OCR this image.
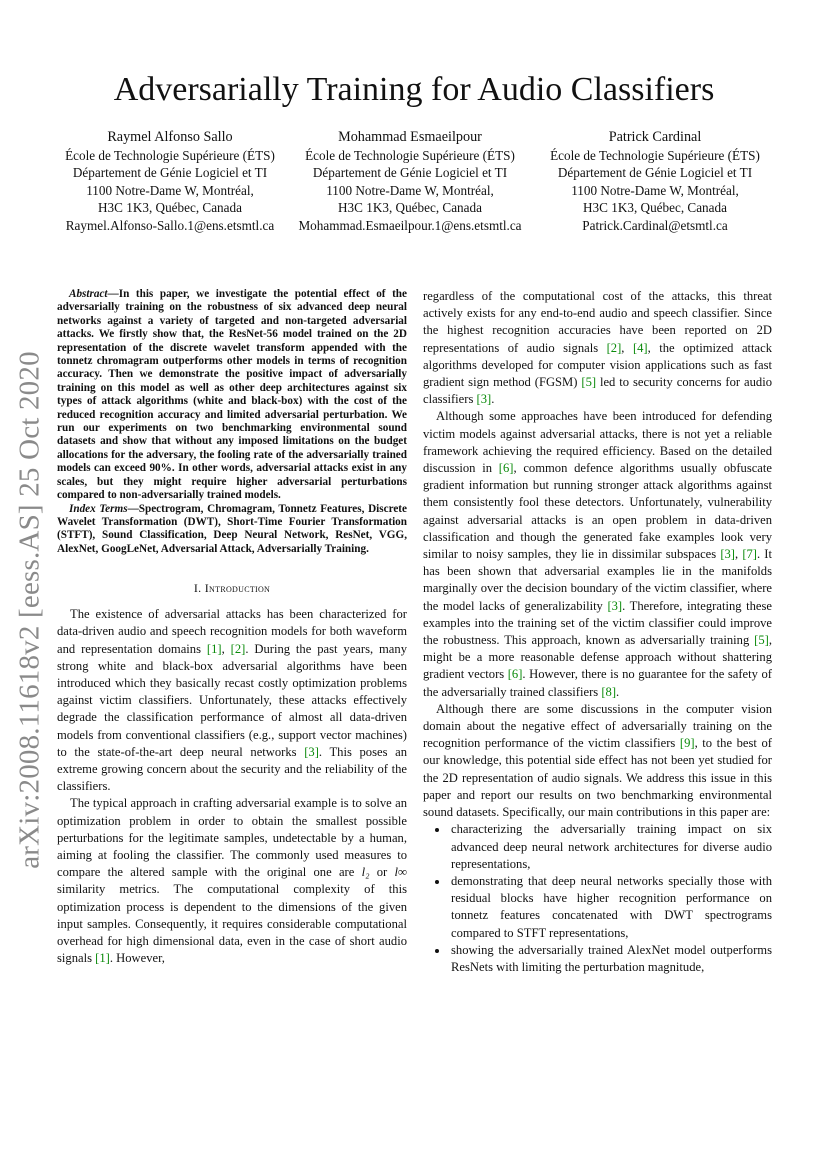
arXiv:2008.11618v2 [eess.AS] 25 Oct 2020
Adversarially Training for Audio Classifiers
Raymel Alfonso Sallo
École de Technologie Supérieure (ÉTS)
Département de Génie Logiciel et TI
1100 Notre-Dame W, Montréal,
H3C 1K3, Québec, Canada
Raymel.Alfonso-Sallo.1@ens.etsmtl.ca
Mohammad Esmaeilpour
École de Technologie Supérieure (ÉTS)
Département de Génie Logiciel et TI
1100 Notre-Dame W, Montréal,
H3C 1K3, Québec, Canada
Mohammad.Esmaeilpour.1@ens.etsmtl.ca
Patrick Cardinal
École de Technologie Supérieure (ÉTS)
Département de Génie Logiciel et TI
1100 Notre-Dame W, Montréal,
H3C 1K3, Québec, Canada
Patrick.Cardinal@etsmtl.ca

Abstract—In this paper, we investigate the potential effect of the adversarially training on the robustness of six advanced deep neural networks against a variety of targeted and non-targeted adversarial attacks. We firstly show that, the ResNet-56 model trained on the 2D representation of the discrete wavelet transform appended with the tonnetz chromagram outperforms other models in terms of recognition accuracy. Then we demonstrate the positive impact of adversarially training on this model as well as other deep architectures against six types of attack algorithms (white and black-box) with the cost of the reduced recognition accuracy and limited adversarial perturbation. We run our experiments on two benchmarking environmental sound datasets and show that without any imposed limitations on the budget allocations for the adversary, the fooling rate of the adversarially trained models can exceed 90%. In other words, adversarial attacks exist in any scales, but they might require higher adversarial perturbations compared to non-adversarially trained models.

Index Terms—Spectrogram, Chromagram, Tonnetz Features, Discrete Wavelet Transformation (DWT), Short-Time Fourier Transformation (STFT), Sound Classification, Deep Neural Network, ResNet, VGG, AlexNet, GoogLeNet, Adversarial Attack, Adversarially Training.

I. Introduction

The existence of adversarial attacks has been characterized for data-driven audio and speech recognition models for both waveform and representation domains [1], [2]. During the past years, many strong white and black-box adversarial algorithms have been introduced which they basically recast costly optimization problems against victim classifiers. Unfortunately, these attacks effectively degrade the classification performance of almost all data-driven models from conventional classifiers (e.g., support vector machines) to the state-of-the-art deep neural networks [3]. This poses an extreme growing concern about the security and the reliability of the classifiers.

The typical approach in crafting adversarial example is to solve an optimization problem in order to obtain the smallest possible perturbations for the legitimate samples, undetectable by a human, aiming at fooling the classifier. The commonly used measures to compare the altered sample with the original one are l₂ or l∞ similarity metrics. The computational complexity of this optimization process is dependent to the dimensions of the given input samples. Consequently, it requires considerable computational overhead for high dimensional data, even in the case of short audio signals [1]. However,

regardless of the computational cost of the attacks, this threat actively exists for any end-to-end audio and speech classifier. Since the highest recognition accuracies have been reported on 2D representations of audio signals [2], [4], the optimized attack algorithms developed for computer vision applications such as fast gradient sign method (FGSM) [5] led to security concerns for audio classifiers [3].

Although some approaches have been introduced for defending victim models against adversarial attacks, there is not yet a reliable framework achieving the required efficiency. Based on the detailed discussion in [6], common defence algorithms usually obfuscate gradient information but running stronger attack algorithms against them consistently fool these detectors. Unfortunately, vulnerability against adversarial attacks is an open problem in data-driven classification and though the generated fake examples look very similar to noisy samples, they lie in dissimilar subspaces [3], [7]. It has been shown that adversarial examples lie in the manifolds marginally over the decision boundary of the victim classifier, where the model lacks of generalizability [3]. Therefore, integrating these examples into the training set of the victim classifier could improve the robustness. This approach, known as adversarially training [5], might be a more reasonable defense approach without shattering gradient vectors [6]. However, there is no guarantee for the safety of the adversarially trained classifiers [8].

Although there are some discussions in the computer vision domain about the negative effect of adversarially training on the recognition performance of the victim classifiers [9], to the best of our knowledge, this potential side effect has not been yet studied for the 2D representation of audio signals. We address this issue in this paper and report our results on two benchmarking environmental sound datasets. Specifically, our main contributions in this paper are:

• characterizing the adversarially training impact on six advanced deep neural network architectures for diverse audio representations,
• demonstrating that deep neural networks specially those with residual blocks have higher recognition performance on tonnetz features concatenated with DWT spectrograms compared to STFT representations,
• showing the adversarially trained AlexNet model outperforms ResNets with limiting the perturbation magnitude,
